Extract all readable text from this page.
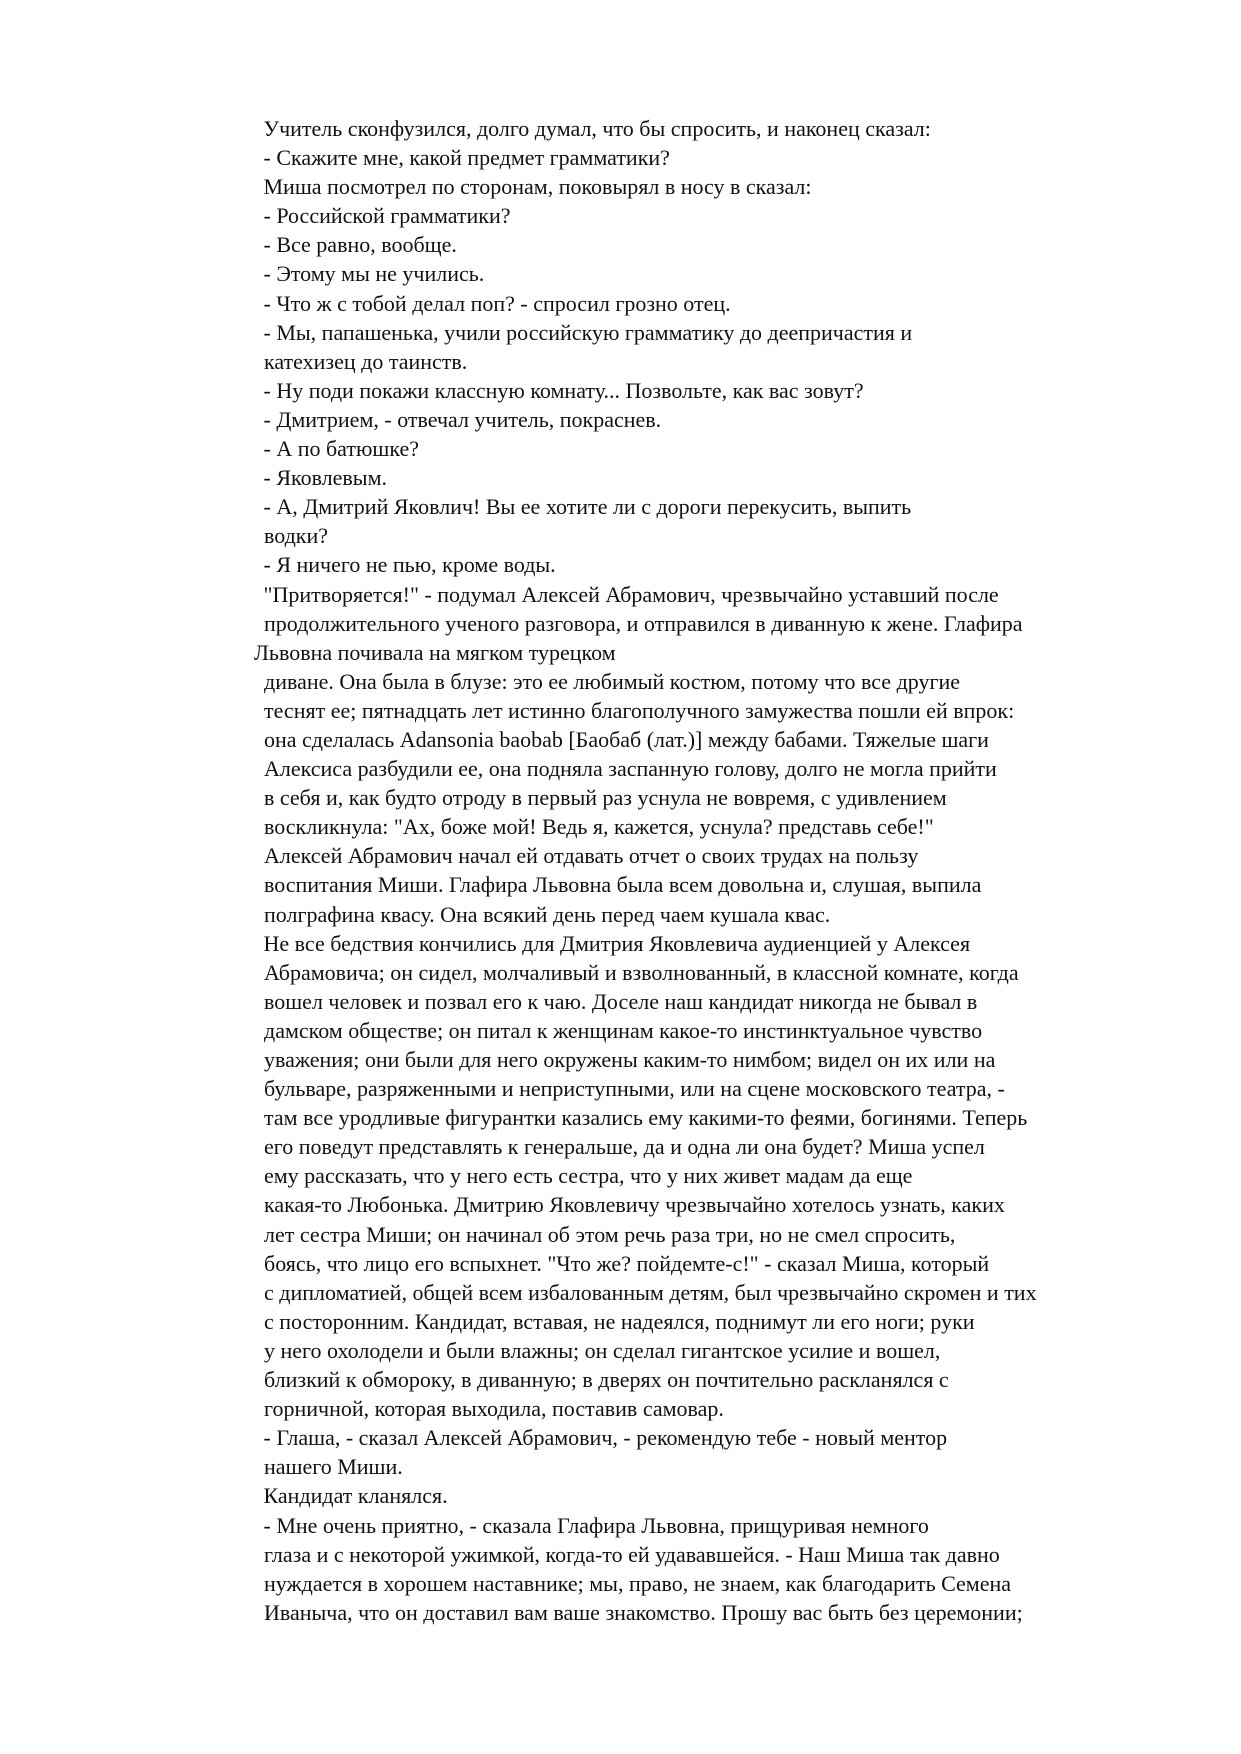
Учитель сконфузился, долго думал, что бы спросить, и наконец сказал:
- Скажите мне, какой предмет грамматики?
Миша посмотрел по сторонам, поковырял в носу в сказал:
- Российской грамматики?
- Все равно, вообще.
- Этому мы не учились.
- Что ж с тобой делал поп? - спросил грозно отец.
- Мы, папашенька, учили российскую грамматику до деепричастия и
катехизец до таинств.
- Ну поди покажи классную комнату... Позвольте, как вас зовут?
- Дмитрием, - отвечал учитель, покраснев.
- А по батюшке?
- Яковлевым.
- А, Дмитрий Яковлич! Вы ее хотите ли с дороги перекусить, выпить
водки?
- Я ничего не пью, кроме воды.
"Притворяется!" - подумал Алексей Абрамович, чрезвычайно уставший после
продолжительного ученого разговора, и отправился в диванную к жене. Глафира
Львовна почивала на мягком турецком
диване. Она была в блузе: это ее любимый костюм, потому что все другие
теснят ее; пятнадцать лет истинно благополучного замужества пошли ей впрок:
она сделалась Adansonia baobab [Баобаб (лат.)] между бабами. Тяжелые шаги
Алексиса разбудили ее, она подняла заспанную голову, долго не могла прийти
в себя и, как будто отроду в первый раз уснула не вовремя, с удивлением
воскликнула: "Ах, боже мой! Ведь я, кажется, уснула? представь себе!"
Алексей Абрамович начал ей отдавать отчет о своих трудах на пользу
воспитания Миши. Глафира Львовна была всем довольна и, слушая, выпила
полграфина квасу. Она всякий день перед чаем кушала квас.
Не все бедствия кончились для Дмитрия Яковлевича аудиенцией у Алексея
Абрамовича; он сидел, молчаливый и взволнованный, в классной комнате, когда
вошел человек и позвал его к чаю. Доселе наш кандидат никогда не бывал в
дамском обществе; он питал к женщинам какое-то инстинктуальное чувство
уважения; они были для него окружены каким-то нимбом; видел он их или на
бульваре, разряженными и неприступными, или на сцене московского театра, -
там все уродливые фигурантки казались ему какими-то феями, богинями. Теперь
его поведут представлять к генеральше, да и одна ли она будет? Миша успел
ему рассказать, что у него есть сестра, что у них живет мадам да еще
какая-то Любонька. Дмитрию Яковлевичу чрезвычайно хотелось узнать, каких
лет сестра Миши; он начинал об этом речь раза три, но не смел спросить,
боясь, что лицо его вспыхнет. "Что же? пойдемте-с!" - сказал Миша, который
с дипломатией, общей всем избалованным детям, был чрезвычайно скромен и тих
с посторонним. Кандидат, вставая, не надеялся, поднимут ли его ноги; руки
у него охолодели и были влажны; он сделал гигантское усилие и вошел,
близкий к обмороку, в диванную; в дверях он почтительно раскланялся с
горничной, которая выходила, поставив самовар.
- Глаша, - сказал Алексей Абрамович, - рекомендую тебе - новый ментор
нашего Миши.
Кандидат кланялся.
- Мне очень приятно, - сказала Глафира Львовна, прищуривая немного
глаза и с некоторой ужимкой, когда-то ей удававшейся. - Наш Миша так давно
нуждается в хорошем наставнике; мы, право, не знаем, как благодарить Семена
Иваныча, что он доставил вам ваше знакомство. Прошу вас быть без церемонии;
